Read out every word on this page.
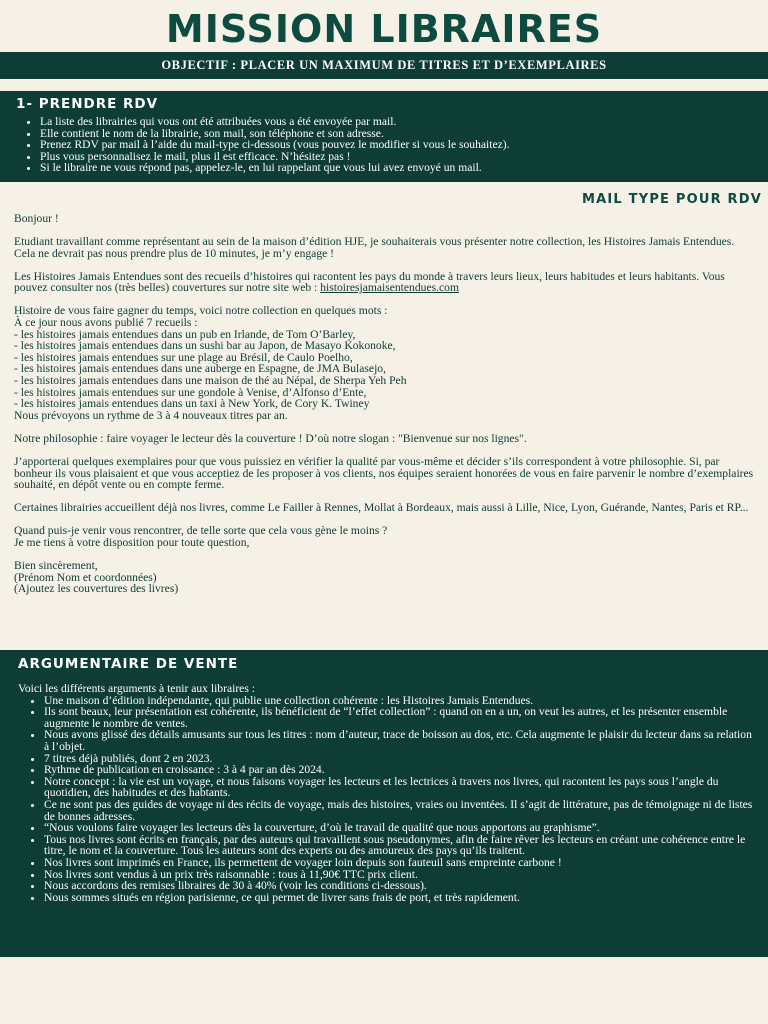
MISSION LIBRAIRES
OBJECTIF : PLACER UN MAXIMUM DE TITRES ET D’EXEMPLAIRES
1- PRENDRE RDV
• La liste des librairies qui vous ont été attribuées vous a été envoyée par mail.
• Elle contient le nom de la librairie, son mail, son téléphone et son adresse.
• Prenez RDV par mail à l’aide du mail-type ci-dessous (vous pouvez le modifier si vous le souhaitez).
• Plus vous personnalisez le mail, plus il est efficace. N’hésitez pas !
• Si le libraire ne vous répond pas, appelez-le, en lui rappelant que vous lui avez envoyé un mail.
MAIL TYPE POUR RDV

Bonjour !

Etudiant travaillant comme représentant au sein de la maison d’édition HJE, je souhaiterais vous présenter notre collection, les Histoires Jamais Entendues. Cela ne devrait pas nous prendre plus de 10 minutes, je m’y engage !

Les Histoires Jamais Entendues sont des recueils d’histoires qui racontent les pays du monde à travers leurs lieux, leurs habitudes et leurs habitants. Vous pouvez consulter nos (très belles) couvertures sur notre site web : histoiresjamaisentendues.com

Histoire de vous faire gagner du temps, voici notre collection en quelques mots :
À ce jour nous avons publié 7 recueils :
- les histoires jamais entendues dans un pub en Irlande, de Tom O’Barley,
- les histoires jamais entendues dans un sushi bar au Japon, de Masayo Kokonoke,
- les histoires jamais entendues sur une plage au Brésil, de Caulo Poelho,
- les histoires jamais entendues dans une auberge en Espagne, de JMA Bulasejo,
- les histoires jamais entendues dans une maison de thé au Népal, de Sherpa Yeh Peh
- les histoires jamais entendues sur une gondole à Venise, d’Alfonso d’Ente,
- les histoires jamais entendues dans un taxi à New York, de Cory K. Twiney
Nous prévoyons un rythme de 3 à 4 nouveaux titres par an.

Notre philosophie : faire voyager le lecteur dès la couverture ! D’où notre slogan : "Bienvenue sur nos lignes".

J’apporterai quelques exemplaires pour que vous puissiez en vérifier la qualité par vous-même et décider s’ils correspondent à votre philosophie. Si, par bonheur ils vous plaisaient et que vous acceptiez de les proposer à vos clients, nos équipes seraient honorées de vous en faire parvenir le nombre d’exemplaires souhaité, en dépôt vente ou en compte ferme.

Certaines librairies accueillent déjà nos livres, comme Le Failler à Rennes, Mollat à Bordeaux, mais aussi à Lille, Nice, Lyon, Guérande, Nantes, Paris et RP...

Quand puis-je venir vous rencontrer, de telle sorte que cela vous gène le moins ?
Je me tiens à votre disposition pour toute question,

Bien sincèrement,
(Prénom Nom et coordonnées)
(Ajoutez les couvertures des livres)

ARGUMENTAIRE DE VENTE

Voici les différents arguments à tenir aux libraires :

• Une maison d’édition indépendante, qui publie une collection cohérente : les Histoires Jamais Entendues.
• Ils sont beaux, leur présentation est cohérente, ils bénéficient de “l’effet collection” : quand on en a un, on veut les autres, et les présenter ensemble augmente le nombre de ventes.
• Nous avons glissé des détails amusants sur tous les titres : nom d’auteur, trace de boisson au dos, etc. Cela augmente le plaisir du lecteur dans sa relation à l’objet.
• 7 titres déjà publiés, dont 2 en 2023.
• Rythme de publication en croissance : 3 à 4 par an dès 2024.
• Notre concept : la vie est un voyage, et nous faisons voyager les lecteurs et les lectrices à travers nos livres, qui racontent les pays sous l’angle du quotidien, des habitudes et des habtants.
• Ce ne sont pas des guides de voyage ni des récits de voyage, mais des histoires, vraies ou inventées. Il s’agit de littérature, pas de témoignage ni de listes de bonnes adresses.
• “Nous voulons faire voyager les lecteurs dès la couverture, d’où le travail de qualité que nous apportons au graphisme”.
• Tous nos livres sont écrits en français, par des auteurs qui travaillent sous pseudonymes, afin de faire rêver les lecteurs en créant une cohérence entre le titre, le nom et la couverture. Tous les auteurs sont des experts ou des amoureux des pays qu’ils traitent.
• Nos livres sont imprimés en France, ils permettent de voyager loin depuis son fauteuil sans empreinte carbone !
• Nos livres sont vendus à un prix très raisonnable : tous à 11,90€ TTC prix client.
• Nous accordons des remises libraires de 30 à 40% (voir les conditions ci-dessous).
• Nous sommes situés en région parisienne, ce qui permet de livrer sans frais de port, et très rapidement.
